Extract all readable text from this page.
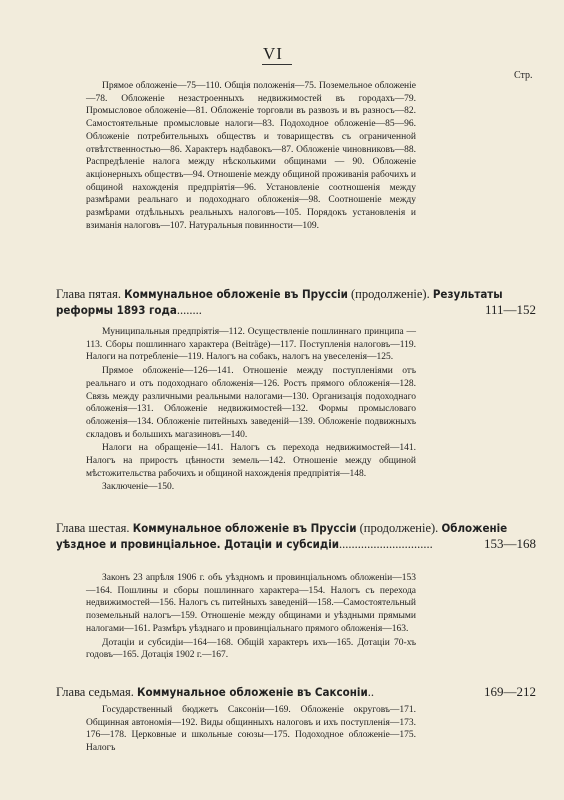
VI
Стр.

Прямое обложеніе—75—110. Общія положенія—75. Поземельное обложеніе—78. Обложеніе незастроенныхъ недвижимостей въ городахъ—79. Промысловое обложеніе—81. Обложеніе торговли въ развозъ и въ разносъ—82. Самостоятельные промысловые налоги—83. Подоходное обложеніе—85—96. Обложеніе потребительныхъ обществъ и товариществъ съ ограниченной отвѣтственностью—86. Характеръ надбавокъ—87. Обложеніе чиновниковъ—88. Распредѣленіе налога между нѣсколькими общинами — 90. Обложеніе акціонерныхъ обществъ—94. Отношеніе между общиной проживанія рабочихъ и общиной нахожденія предпріятія—96. Установленіе соотношенія между размѣрами реальнаго и подоходнаго обложенія—98. Соотношеніе между размѣрами отдѣльныхъ реальныхъ налоговъ—105. Порядокъ установленія и взиманія налоговъ—107. Натуральныя повинности—109.

Глава пятая. Коммунальное обложеніе въ Пруссіи (продолженіе). Результаты реформы 1893 года........	111—152

Муниципальныя предпріятія—112. Осуществленіе пошлиннаго принципа — 113. Сборы пошлиннаго характера (Beiträge)—117. Поступленія налоговъ—119. Налоги на потребленіе—119. Налогъ на собакъ, налогъ на увеселенія—125.

Прямое обложеніе—126—141. Отношеніе между поступленіями отъ реальнаго и отъ подоходнаго обложенія—126. Ростъ прямого обложенія—128. Связь между различными реальными налогами—130. Организація подоходнаго обложенія—131. Обложеніе недвижимостей—132. Формы промысловаго обложенія—134. Обложеніе питейныхъ заведеній—139. Обложеніе подвижныхъ складовъ и большихъ магазиновъ—140.

Налоги на обращеніе—141. Налогъ съ перехода недвижимостей—141. Налогъ на приростъ цѣнности земель—142. Отношеніе между общиной мѣстожительства рабочихъ и общиной нахожденія предпріятія—148.

Заключеніе—150.

Глава шестая. Коммунальное обложеніе въ Пруссіи (продолженіе). Обложеніе уѣздное и провинціальное. Дотаціи и субсидіи..............................	153—168

Законъ 23 апрѣля 1906 г. объ уѣздномъ и провинціальномъ обложеніи—153—164. Пошлины и сборы пошлиннаго характера—154. Налогъ съ перехода недвижимостей—156. Налогъ съ питейныхъ заведеній—158.—Самостоятельный поземельный налогъ—159. Отношеніе между общинами и уѣздными прямыми налогами—161. Размѣръ уѣзднаго и провинціальнаго прямого обложенія—163.

Дотаціи и субсидіи—164—168. Общій характеръ ихъ—165. Дотаціи 70-хъ годовъ—165. Дотація 1902 г.—167.

Глава седьмая. Коммунальное обложеніе въ Саксоніи..	169—212

Государственный бюджетъ Саксоніи—169. Обложеніе округовъ—171. Общинная автономія—192. Виды общинныхъ налоговъ и ихъ поступленія—173. 176—178. Церковные и школьные союзы—175. Подоходное обложеніе—175. Налогъ
